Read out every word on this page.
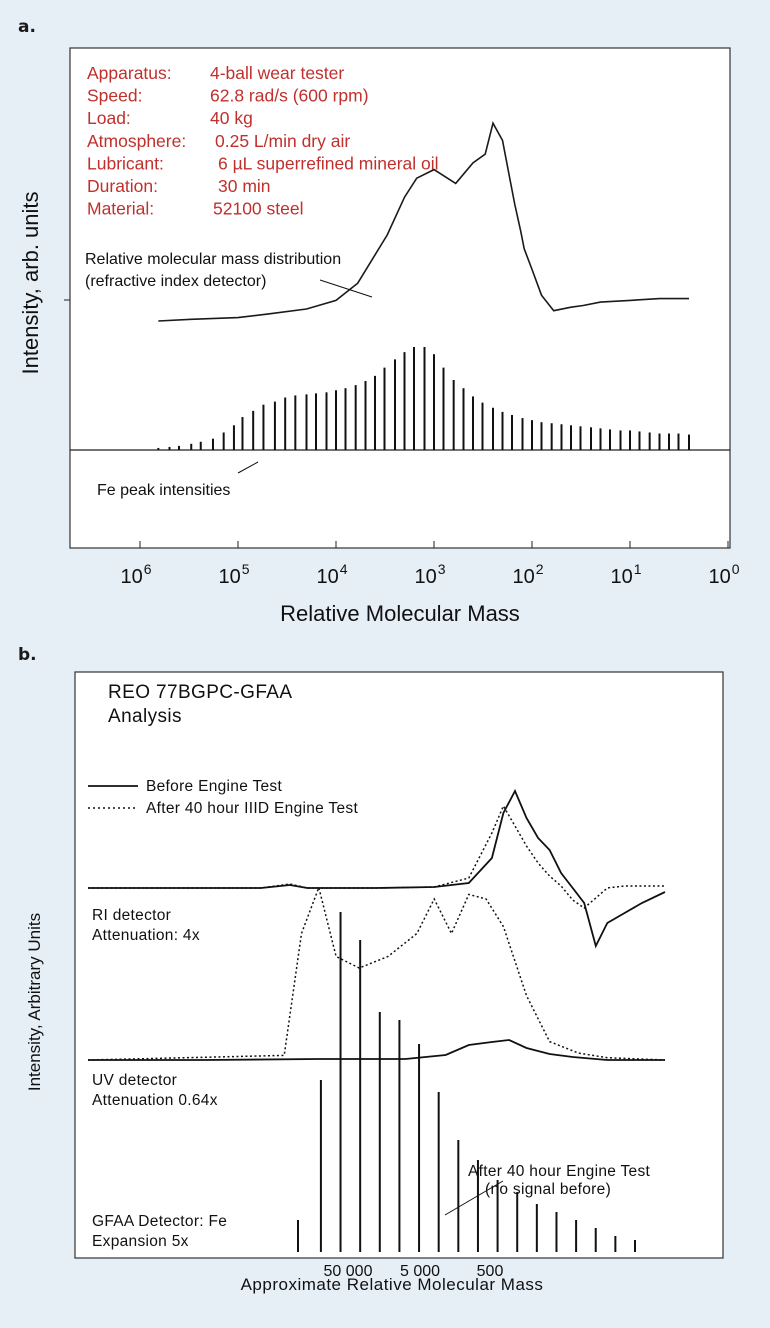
a.
$10^6$	$10^5$	$10^4$	$10^3$	$10^2$	$10^1$	$10^0$
Apparatus: 4-ball wear tester
Speed:	62.8 rad/s (600 rpm)
Load:	40 kg
Atmosphere: 0.25 L/min dry air
Lubricant:	6 µL superrefined mineral oil
Duration:	30 min
Material:	52100 steel
Relative molecular mass distribution
(refractive index detector)
Fe peak intensities
Intensity, arb. units
Relative Molecular Mass
b.
REO 77BGPC-GFAA
Analysis
Before Engine Test
After 40 hour IIID Engine Test
RI detector
Attenuation: 4x
UV detector
Attenuation 0.64x
GFAA Detector: Fe
Expansion 5x
After 40 hour Engine Test
(no signal before)
50 000 5 000 500
Intensity, Arbitrary Units
Approximate Relative Molecular Mass
